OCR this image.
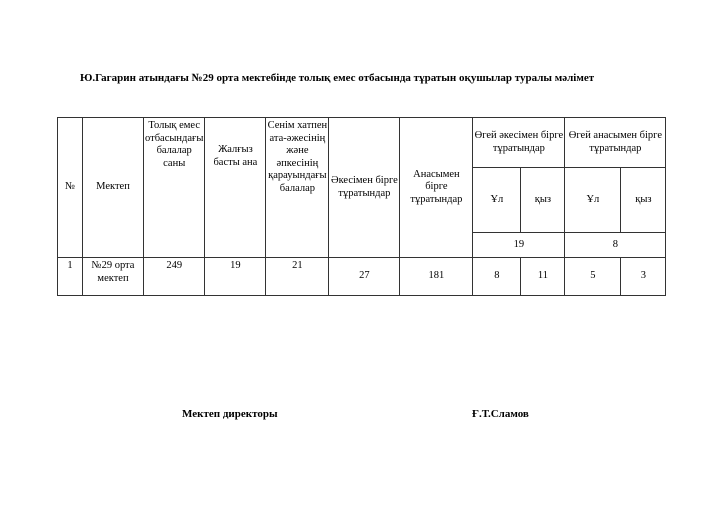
Ю.Гагарин атындағы №29 орта мектебінде толық емес отбасында тұратын оқушылар туралы мәлімет
№	Мектеп	Толық емес отбасындағы балалар саны	Жалғыз басты ана	Сенім хатпен ата-әжесінің және әпкесінің қарауындағы балалар	Әкесімен бірге тұратындар	Анасымен бірге тұратындар	Өгей әкесімен бірге тұратындар		Өгей анасымен бірге тұратындар	
							Ұл	қыз	Ұл	қыз
							19		8	
1	№29 орта мектеп	249	19	21	27	181	8	11	5	3
Мектеп директоры	Ғ.Т.Сламов
